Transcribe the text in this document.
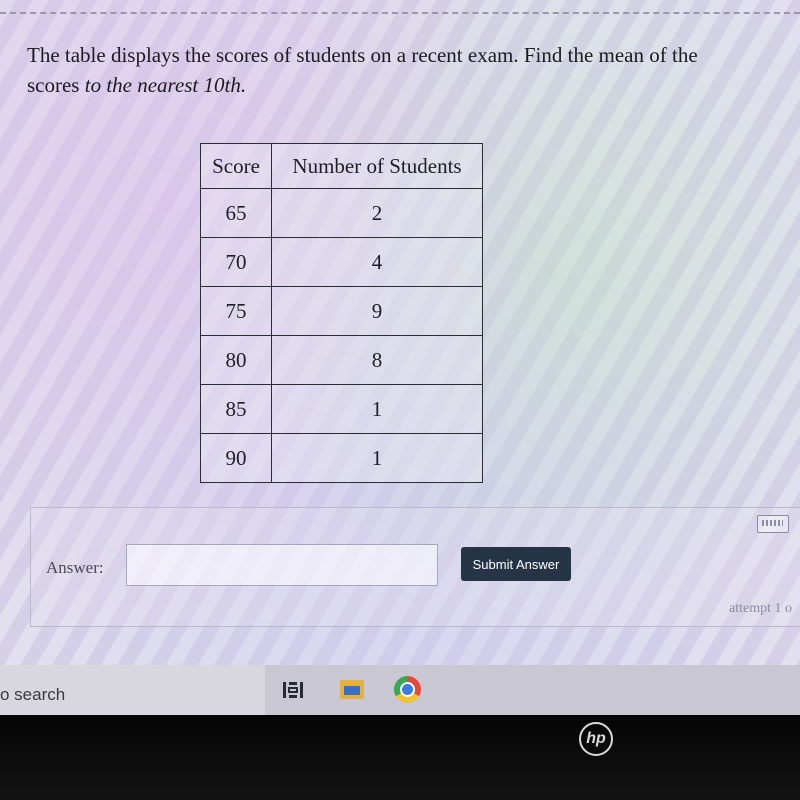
The table displays the scores of students on a recent exam. Find the mean of the
scores to the nearest 10th.
Score	Number of Students
65	2
70	4
75	9
80	8
85	1
90	1
Answer:	Submit Answer
attempt 1 o
o search
hp
